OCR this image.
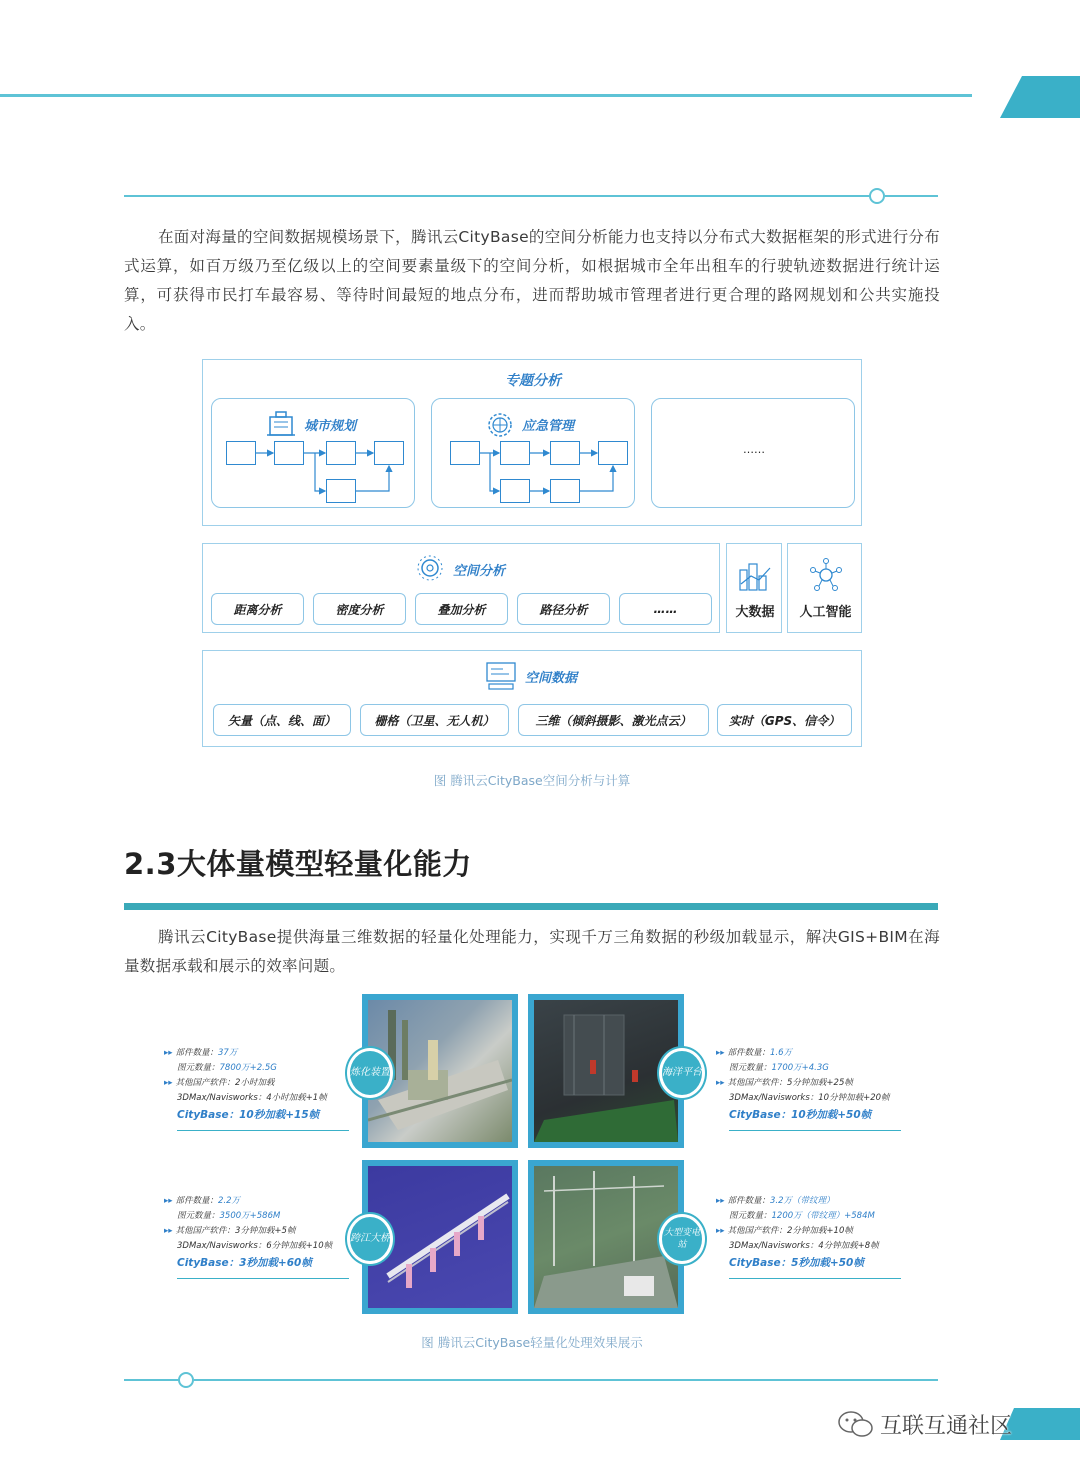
在面对海量的空间数据规模场景下，腾讯云CityBase的空间分析能力也支持以分布式大数据框架的形式进行分布式运算，如百万级乃至亿级以上的空间要素量级下的空间分析，如根据城市全年出租车的行驶轨迹数据进行统计运算，可获得市民打车最容易、等待时间最短的地点分布，进而帮助城市管理者进行更合理的路网规划和公共实施投入。
专题分析
城市规划	应急管理
……
空间分析
距离分析	密度分析	叠加分析	路径分析	……	大数据	人工智能
空间数据
矢量（点、线、面）	栅格（卫星、无人机）	三维（倾斜摄影、激光点云）	实时（GPS、信令）
图 腾讯云CityBase空间分析与计算
2.3大体量模型轻量化能力
腾讯云CityBase提供海量三维数据的轻量化处理能力，实现千万三角数据的秒级加载显示，解决GIS+BIM在海量数据承载和展示的效率问题。
炼化装置	海洋平台
跨江大桥	大型变电站
▸▸ 部件数量：37万
图元数量：7800万+2.5G
▸▸ 其他国产软件：2小时加载
3DMax/Navisworks：4小时加载+1帧
CityBase：10秒加载+15帧
▸▸ 部件数量：1.6万
图元数量：1700万+4.3G
▸▸ 其他国产软件：5分钟加载+25帧
3DMax/Navisworks：10分钟加载+20帧
CityBase：10秒加载+50帧
▸▸ 部件数量：2.2万
图元数量：3500万+586M
▸▸ 其他国产软件：3分钟加载+5帧
3DMax/Navisworks：6分钟加载+10帧
CityBase：3秒加载+60帧
▸▸ 部件数量：3.2万（带纹理）
图元数量：1200万（带纹理）+584M
▸▸ 其他国产软件：2分钟加载+10帧
3DMax/Navisworks：4分钟加载+8帧
CityBase：5秒加载+50帧
图 腾讯云CityBase轻量化处理效果展示
互联互通社区
